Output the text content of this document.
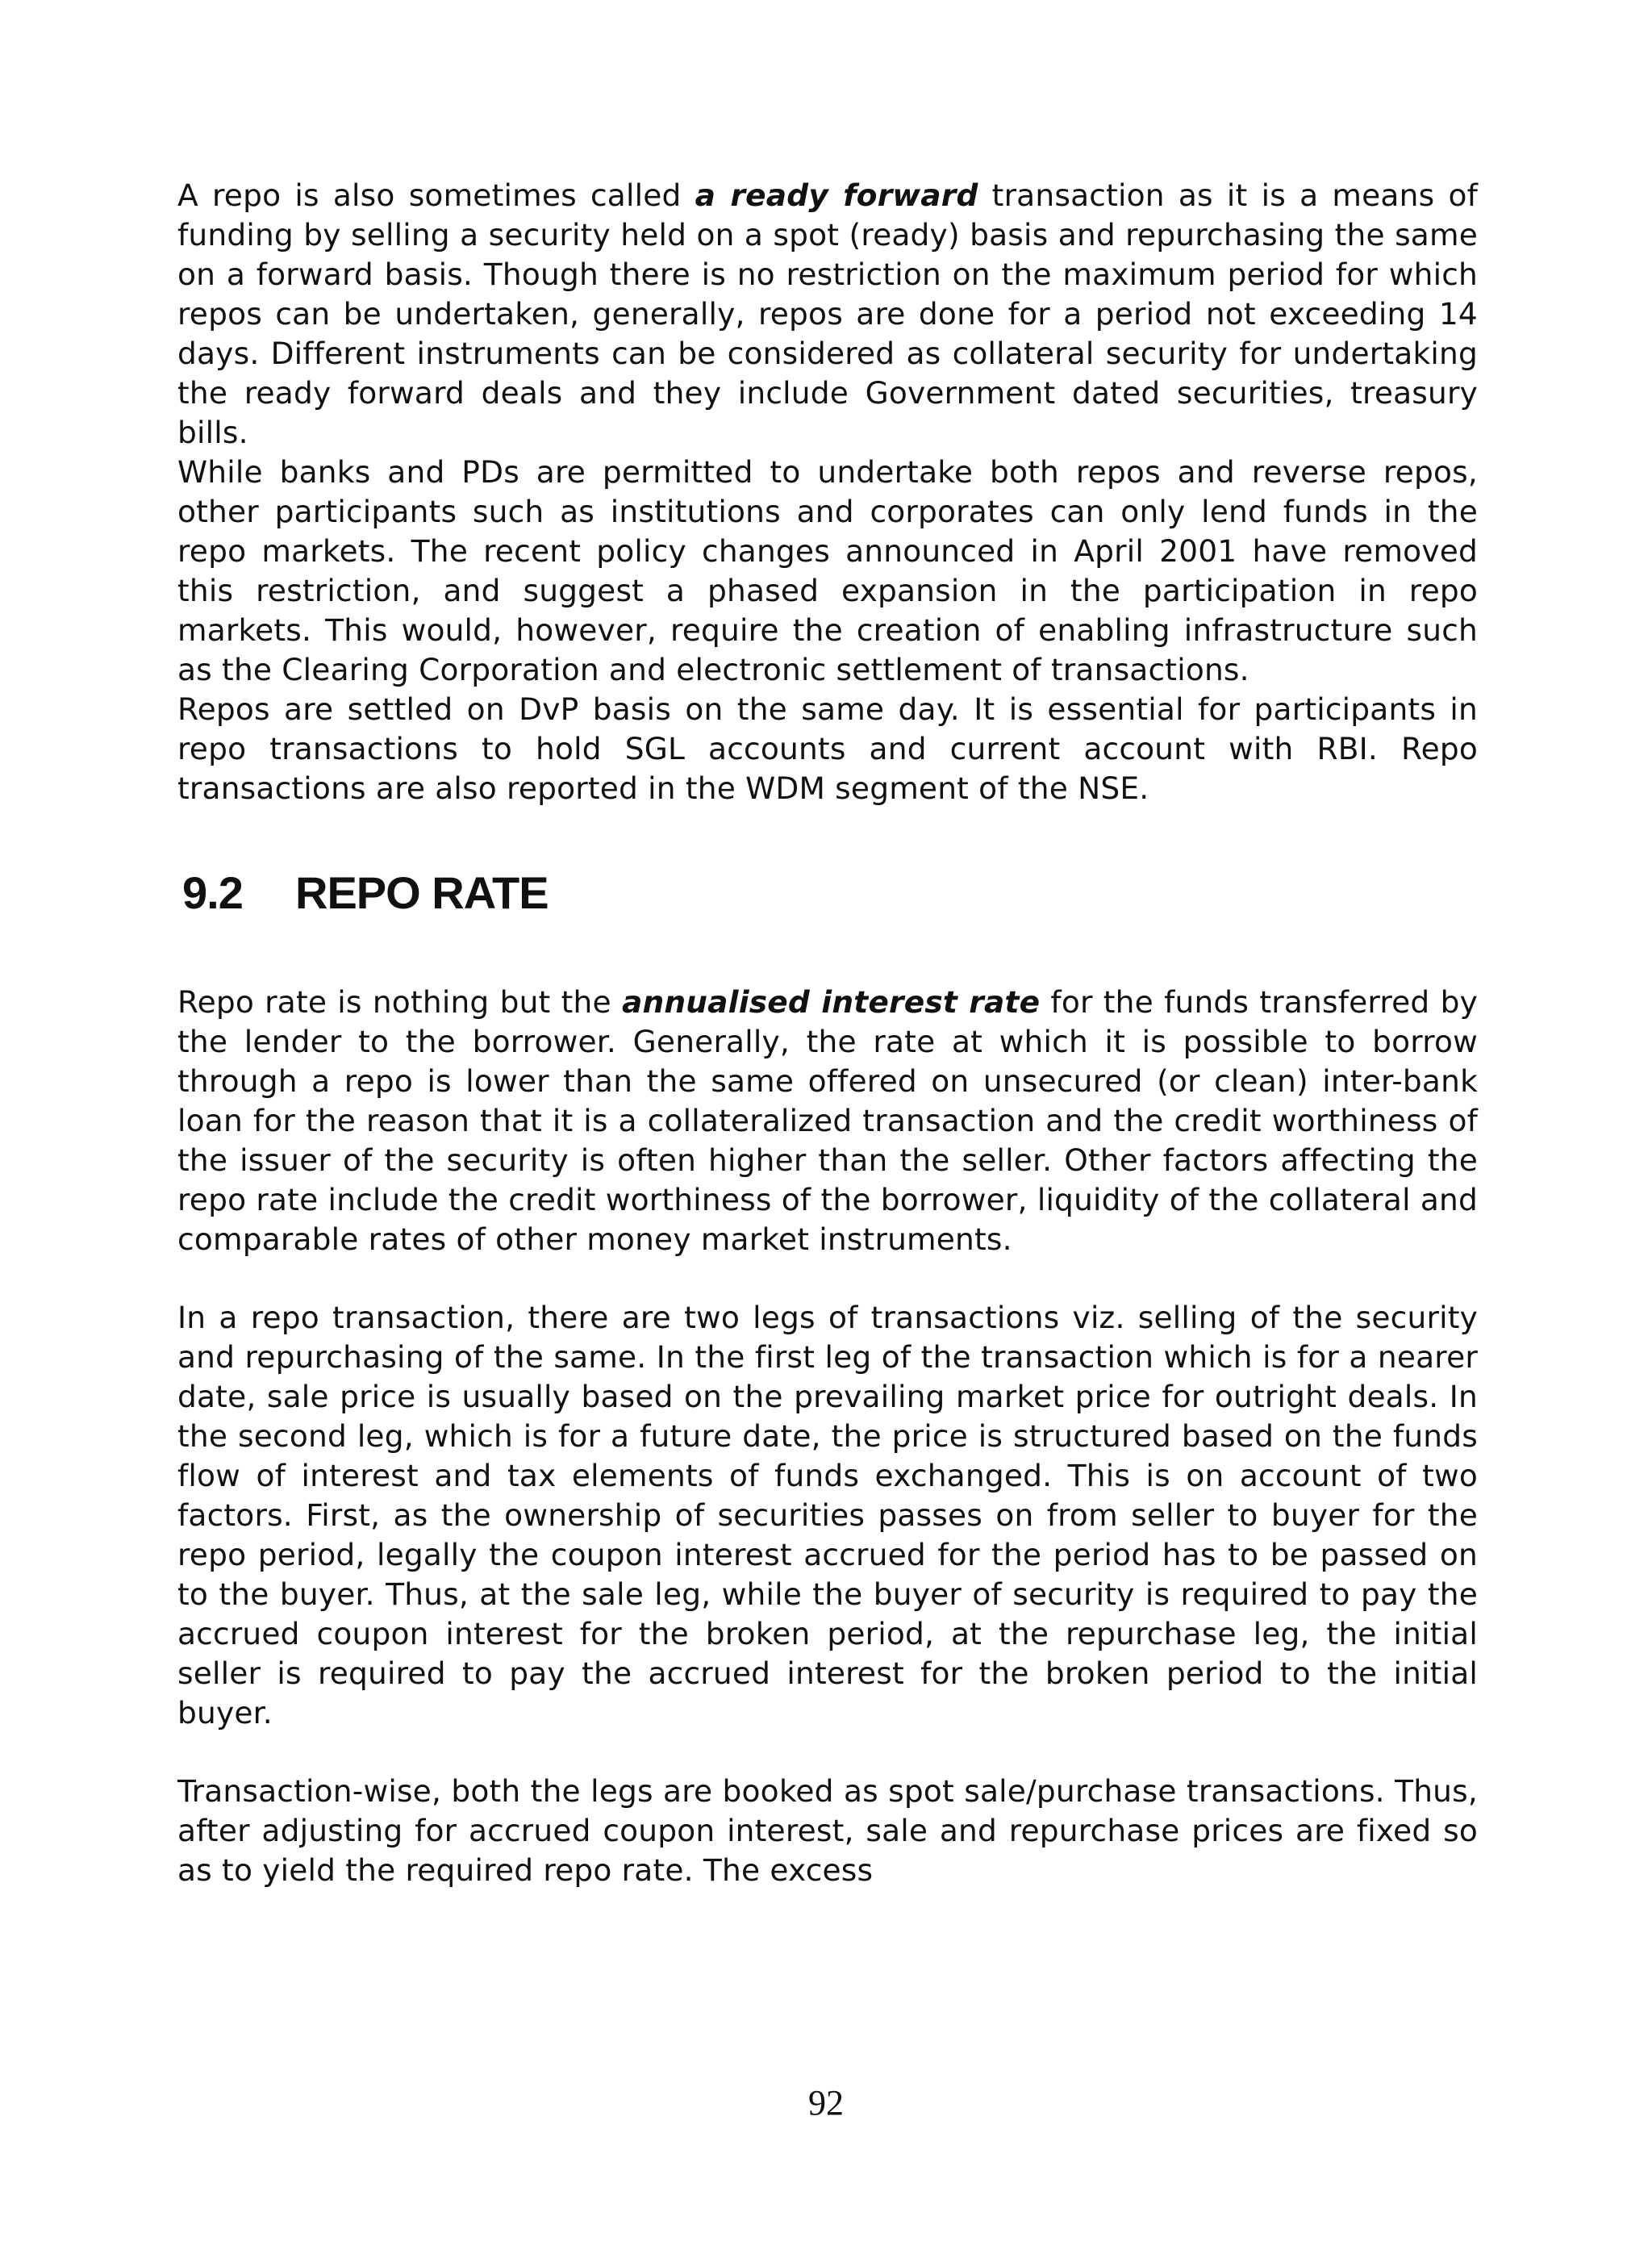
A repo is also sometimes called a ready forward transaction as it is a means of funding by selling a security held on a spot (ready) basis and repurchasing the same on a forward basis. Though there is no restriction on the maximum period for which repos can be undertaken, generally, repos are done for a period not exceeding 14 days. Different instruments can be considered as collateral security for undertaking the ready forward deals and they include Government dated securities, treasury bills.

While banks and PDs are permitted to undertake both repos and reverse repos, other participants such as institutions and corporates can only lend funds in the repo markets. The recent policy changes announced in April 2001 have removed this restriction, and suggest a phased expansion in the participation in repo markets. This would, however, require the creation of enabling infrastructure such as the Clearing Corporation and electronic settlement of transactions.

Repos are settled on DvP basis on the same day. It is essential for participants in repo transactions to hold SGL accounts and current account with RBI. Repo transactions are also reported in the WDM segment of the NSE.

9.2 REPO RATE

Repo rate is nothing but the annualised interest rate for the funds transferred by the lender to the borrower. Generally, the rate at which it is possible to borrow through a repo is lower than the same offered on unsecured (or clean) inter-bank loan for the reason that it is a collateralized transaction and the credit worthiness of the issuer of the security is often higher than the seller. Other factors affecting the repo rate include the credit worthiness of the borrower, liquidity of the collateral and comparable rates of other money market instruments.

In a repo transaction, there are two legs of transactions viz. selling of the security and repurchasing of the same. In the first leg of the transaction which is for a nearer date, sale price is usually based on the prevailing market price for outright deals. In the second leg, which is for a future date, the price is structured based on the funds flow of interest and tax elements of funds exchanged. This is on account of two factors. First, as the ownership of securities passes on from seller to buyer for the repo period, legally the coupon interest accrued for the period has to be passed on to the buyer. Thus, at the sale leg, while the buyer of security is required to pay the accrued coupon interest for the broken period, at the repurchase leg, the initial seller is required to pay the accrued interest for the broken period to the initial buyer.

Transaction-wise, both the legs are booked as spot sale/purchase transactions. Thus, after adjusting for accrued coupon interest, sale and repurchase prices are fixed so as to yield the required repo rate. The excess

92
